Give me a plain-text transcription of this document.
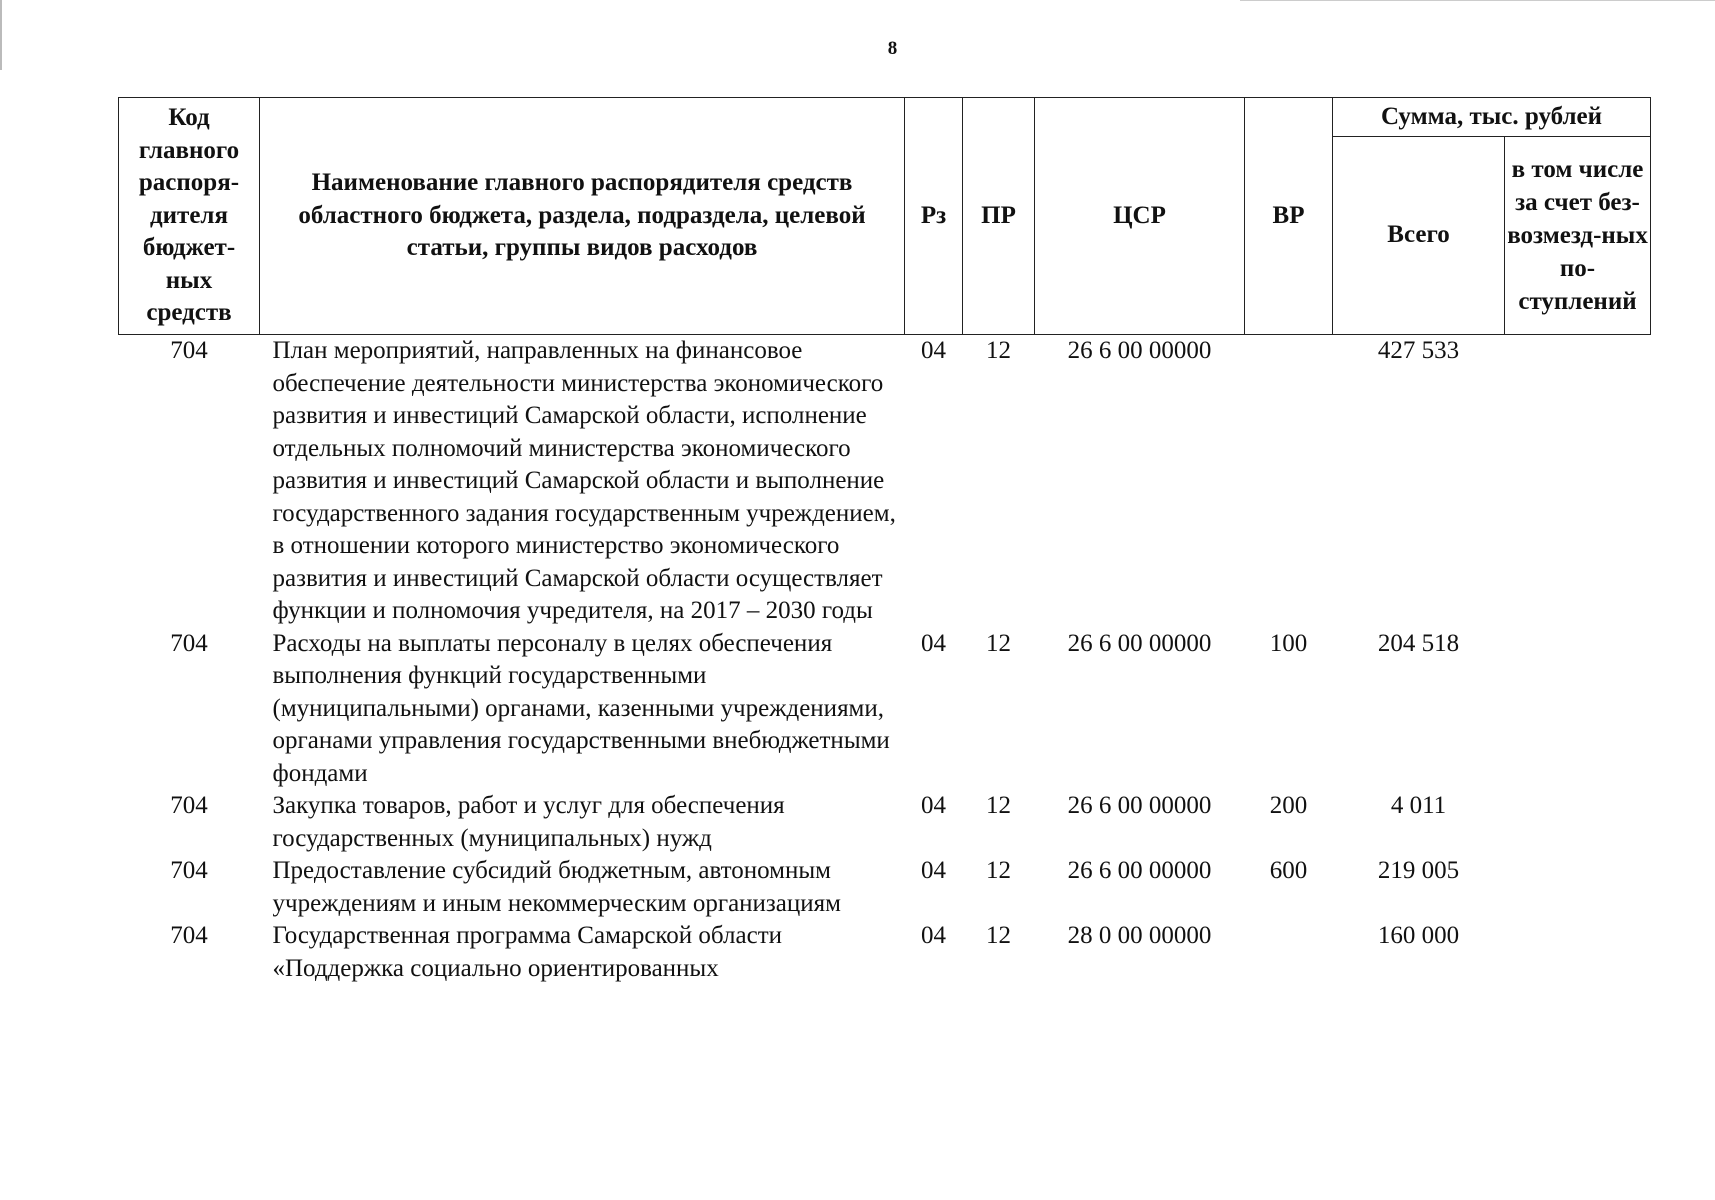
8
Код главного распоря-дителя бюджет-ных средств	Наименование главного распорядителя средств областного бюджета, раздела, подраздела, целевой статьи, группы видов расходов	Рз	ПР	ЦСР	ВР	Сумма, тыс. рублей	
						Всего	в том числе за счет без-возмезд-ных по-ступлений
704	План мероприятий, направленных на финансовое обеспечение деятельности министерства экономического развития и инвестиций Самарской области, исполнение отдельных полномочий министерства экономического развития и инвестиций Самарской области и выполнение государственного задания государственным учреждением, в отношении которого министерство экономического развития и инвестиций Самарской области осуществляет функции и полномочия учредителя, на 2017 – 2030 годы	04	12	26 6 00 00000		427 533	
704	Расходы на выплаты персоналу в целях обеспечения выполнения функций государственными (муниципальными) органами, казенными учреждениями, органами управления государственными внебюджетными фондами	04	12	26 6 00 00000	100	204 518	
704	Закупка товаров, работ и услуг для обеспечения государственных (муниципальных) нужд	04	12	26 6 00 00000	200	4 011	
704	Предоставление субсидий бюджетным, автономным учреждениям и иным некоммерческим организациям	04	12	26 6 00 00000	600	219 005	
704	Государственная программа Самарской области «Поддержка социально ориентированных	04	12	28 0 00 00000		160 000	
